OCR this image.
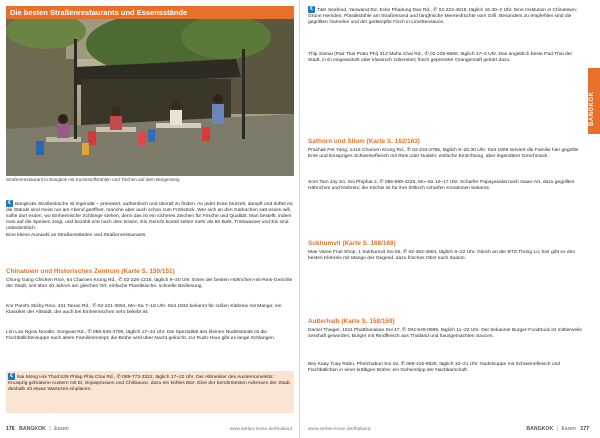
Die besten Straßenrestaurants und Essensstände
Straßenrestaurant in Bangkok mit Kunststoffstühlen und Tischen auf dem Bürgersteig
€ Bangkoks Straßenküche ist legendär – preiswert, authentisch und überall zu finden. An jeder Ecke brutzelt, dampft und duftet es; die Stände sind meist nur am Abend geöffnet, manche aber auch schon zum Frühstück. Wer sich an den Garküchen satt essen will, sollte dort essen, wo Einheimische Schlange stehen, denn das ist ein sicheres Zeichen für Frische und Qualität. Man bestellt, indem man auf die Speisen zeigt, und bezahlt erst nach dem Essen. Ein Gericht kostet selten mehr als 60 Baht. Trinkwasser und Eis sind unbedenklich.
Eine kleine Auswahl an Straßenständen und Straßenrestaurants:
Chinatown und Historisches Zentrum (Karte S. 150/151)
Chong Gang Chicken Rice, 64 Charoen Krung Rd., ✆ 02-226-1215, täglich 9–20 Uhr. Eines der besten Hühnchen-mit-Reis-Gerichte der Stadt, seit über 40 Jahren am gleichen Ort; einfache Plastiktische, schnelle Bedienung.
Kor Panit's Sticky Rice, 431 Tanao Rd., ✆ 02-221-3554, Mo–Sa 7–18 Uhr. Seit 1932 bekannt für süßen Klebreis mit Mango; ein Klassiker der Altstadt, der auch bei Einheimischen sehr beliebt ist.
Lim Lao Ngow Noodle, Songwat Rd., ✆ 080-646-4790, täglich 17–24 Uhr. Die Spezialität des kleinen Nudelstands ist die Fischbällchensuppe nach altem Familienrezept; die Brühe wird über Nacht gekocht, zur Rush-Hour gibt es lange Schlangen.
€ Nai Mong Hoi Thod 539 Phlap Phla Chai Rd., ✆ 089-773-3322, täglich 17–22 Uhr. Der Altmeister des Austernomeletts: Knusprig gebratene Austern mit Ei, Sojasprossen und Chilisauce, dazu ein kühles Bier. Eine der berühmtesten Adressen der Stadt, deshalb oft etwas Wartezeit einplanen.
176 BANGKOK | Essen	www.stefan-loose.de/thailand
€ T&K Seafood, Yaowarat Rd. Ecke Phadung Dao Rd., ✆ 02-223-4519, täglich 16.30–2 Uhr. Eine Institution in Chinatown: Grüne Hemden, Plastikstühle am Straßenrand und fangfrische Meeresfrüchte vom Grill. Besonders zu empfehlen sind die gegrillten Garnelen und der gedämpfte Fisch in Limettensauce.
Thip Samai (Pad Thai Pratu Phi) 313 Maha Chai Rd., ✆ 02-226-6666, täglich 17–2 Uhr. Das angeblich beste Pad Thai der Stadt, in Ei eingewickelt oder klassisch zubereitet; frisch gepresster Orangensaft gehört dazu.
Sathorn und Silom (Karte S. 162/163)
Prachak Pet Yang, 1415 Charoen Krung Rd., ✆ 02-234-3755, täglich 8–20.30 Uhr. Seit 1909 serviert die Familie hier gegrillte Ente und knuspriges Schweinefleisch mit Reis oder Nudeln; einfache Einrichtung, aber legendärer Geschmack.
Som Tam Jay So, Soi Phiphat 2, ✆ 085-999-4225, Mo–Sa 10–17 Uhr. Scharfer Papayasalat nach Isaan-Art, dazu gegrilltes Hähnchen und Klebreis; die Köchin ist für ihre höllisch scharfen Kreationen bekannt.
Sukhumvit (Karte S. 168/169)
Mae Varee Fruit Shop, 1 Sukhumvit Soi 55, ✆ 02-392-4804, täglich 6–22 Uhr. Gleich an der BTS Thong Lo; hier gibt es den besten Klebreis mit Mango der Gegend, dazu frisches Obst nach Saison.
Außerhalb (Karte S. 158/159)
Daniel Thaiger, 1511 Phatthanakan Soi 47, ✆ 084-549-0995, täglich 11–22 Uhr. Der bekannte Burger-Foodtruck ist mittlerweile sesshaft geworden; Burger mit Rindfleisch aus Thailand und hausgemachten Saucen.
Bey Kaay Tuay Rabu, Phetchaburi Soi 15, ✆ 089-416-9825, täglich 10–21 Uhr. Nudelsuppe mit Schweinefleisch und Fischbällchen in einer kräftigen Brühe; ein Geheimtipp der Nachbarschaft.
BANGKOK
www.stefan-loose.de/thailand	BANGKOK | Essen 177
